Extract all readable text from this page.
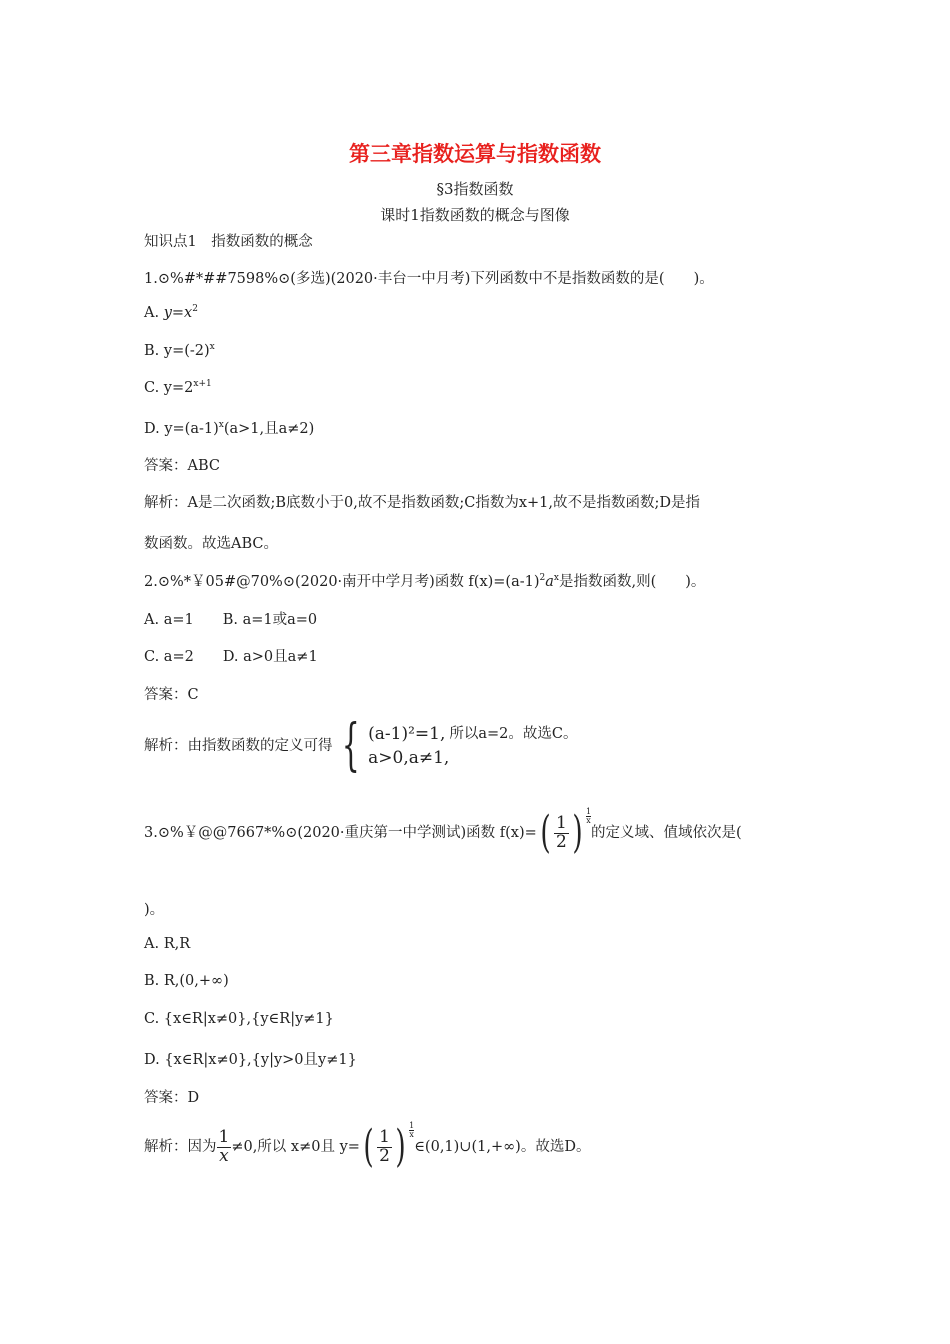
第三章指数运算与指数函数
§3指数函数
课时1指数函数的概念与图像
知识点1　指数函数的概念
1.⊙%#*##7598%⊙(多选)(2020·丰台一中月考)下列函数中不是指数函数的是(　　)。
A. $y=x^2$
B. $y=(-2)^x$
C. $y=2^{x+1}$
D. $y=(a-1)^x(a>1$,且a≠2)
答案：ABC
解析：A是二次函数;B底数小于0,故不是指数函数;C指数为x+1,故不是指数函数;D是指
数函数。故选ABC。
2.⊙%*￥05#@70%⊙(2020·南开中学月考)函数 $f(x)=(a-1)^2a^x$是指数函数,则(　　)。
A. a=1　　B. a=1或a=0
C. a=2　　D. a>0且a≠1
答案：C
解析：由指数函数的定义可得 { (a-1)²=1,
a>0,a≠1,
所以a=2。故选C。
3.⊙%￥@@7667*%⊙(2020·重庆第一中学测试)函数 f(x)= ( $\frac{1}{2}$ ) $\frac{1}{x}$的定义域、值域依次是(
)。
A. R,R
B. R,(0,+∞)
C. {x∈R|x≠0},{y∈R|y≠1}
D. {x∈R|x≠0},{y|y>0且y≠1}
答案：D
解析：因为 $\frac{1}{x} \ne 0$,所以 x≠0且 y= ( $\frac{1}{2}$ ) $\frac{1}{x}\in(0,1)\cup(1,+\infty)$。故选D。
